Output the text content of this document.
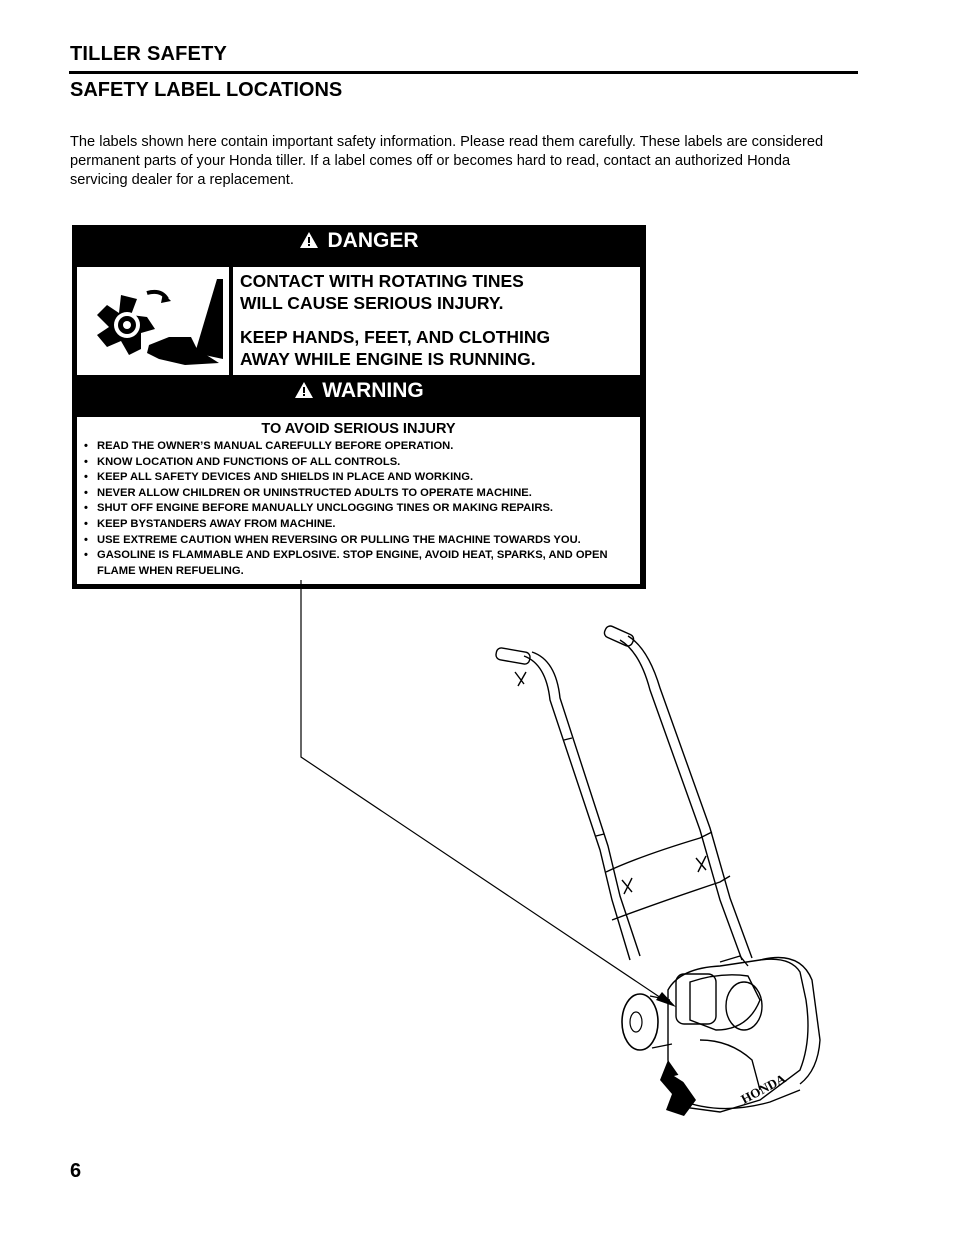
TILLER SAFETY
SAFETY LABEL LOCATIONS
The labels shown here contain important safety information. Please read them carefully. These labels are considered permanent parts of your Honda tiller. If a label comes off or becomes hard to read, contact an authorized Honda servicing dealer for a replacement.
DANGER
CONTACT WITH ROTATING TINES
WILL CAUSE SERIOUS INJURY.
KEEP HANDS, FEET, AND CLOTHING
AWAY WHILE ENGINE IS RUNNING.
WARNING
TO AVOID SERIOUS INJURY
• READ THE OWNER’S MANUAL CAREFULLY BEFORE OPERATION.
• KNOW LOCATION AND FUNCTIONS OF ALL CONTROLS.
• KEEP ALL SAFETY DEVICES AND SHIELDS IN PLACE AND WORKING.
• NEVER ALLOW CHILDREN OR UNINSTRUCTED ADULTS TO OPERATE MACHINE.
• SHUT OFF ENGINE BEFORE MANUALLY UNCLOGGING TINES OR MAKING REPAIRS.
• KEEP BYSTANDERS AWAY FROM MACHINE.
• USE EXTREME CAUTION WHEN REVERSING OR PULLING THE MACHINE TOWARDS YOU.
• GASOLINE IS FLAMMABLE AND EXPLOSIVE. STOP ENGINE, AVOID HEAT, SPARKS, AND OPEN FLAME WHEN REFUELING.
HONDA
6
